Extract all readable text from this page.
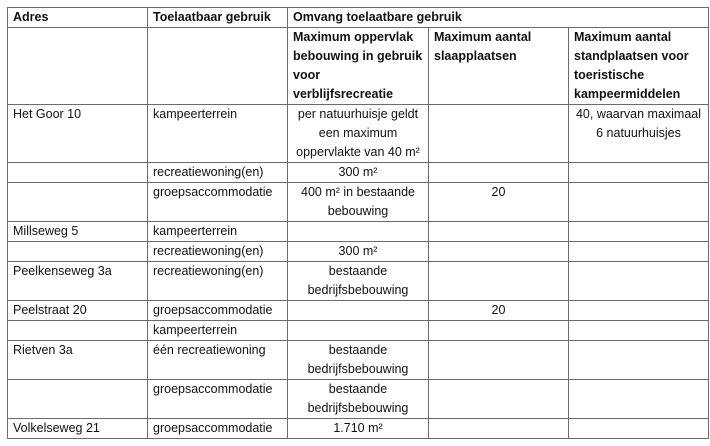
Adres	Toelaatbaar gebruik	Omvang toelaatbare gebruik		
		Maximum oppervlak bebouwing in gebruik voor verblijfsrecreatie	Maximum aantal slaapplaatsen	Maximum aantal standplaatsen voor toeristische kampeermiddelen
Het Goor 10	kampeerterrein	per natuurhuisje geldt een maximum oppervlakte van 40 m²		40, waarvan maximaal 6 natuurhuisjes
	recreatiewoning(en)	300 m²		
	groepsaccommodatie	400 m² in bestaande bebouwing	20	
Millseweg 5	kampeerterrein			
	recreatiewoning(en)	300 m²		
Peelkenseweg 3a	recreatiewoning(en)	bestaande bedrijfsbebouwing		
Peelstraat 20	groepsaccommodatie		20	
	kampeerterrein			
Rietven 3a	één recreatiewoning	bestaande bedrijfsbebouwing		
	groepsaccommodatie	bestaande bedrijfsbebouwing		
Volkelseweg 21	groepsaccommodatie	1.710 m²		
